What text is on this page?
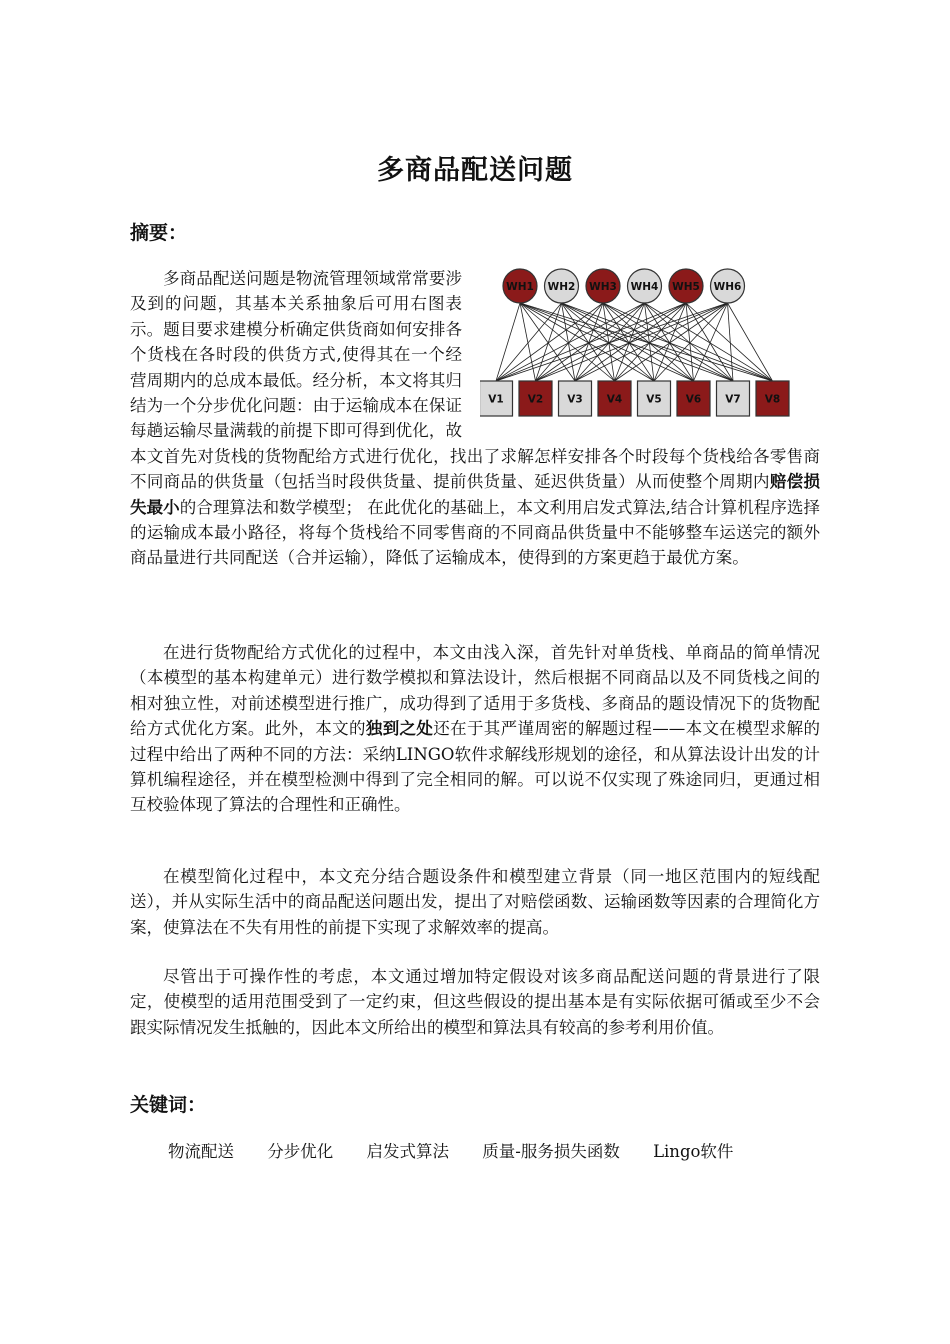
多商品配送问题
摘要：

WH1 WH2 WH3 WH4 WH5 WH6
V1 V2 V3 V4 V5 V6 V7 V8
多商品配送问题是物流管理领域常常要涉及到的问题，其基本关系抽象后可用右图表示。题目要求建模分析确定供货商如何安排各个货栈在各时段的供货方式,使得其在一个经营周期内的总成本最低。经分析，本文将其归结为一个分步优化问题：由于运输成本在保证每趟运输尽量满载的前提下即可得到优化，故本文首先对货栈的货物配给方式进行优化，找出了求解怎样安排各个时段每个货栈给各零售商不同商品的供货量（包括当时段供货量、提前供货量、延迟供货量）从而使整个周期内赔偿损失最小的合理算法和数学模型； 在此优化的基础上，本文利用启发式算法,结合计算机程序选择的运输成本最小路径，将每个货栈给不同零售商的不同商品供货量中不能够整车运送完的额外商品量进行共同配送（合并运输），降低了运输成本，使得到的方案更趋于最优方案。

在进行货物配给方式优化的过程中，本文由浅入深，首先针对单货栈、单商品的简单情况（本模型的基本构建单元）进行数学模拟和算法设计，然后根据不同商品以及不同货栈之间的相对独立性，对前述模型进行推广，成功得到了适用于多货栈、多商品的题设情况下的货物配给方式优化方案。此外，本文的独到之处还在于其严谨周密的解题过程——本文在模型求解的过程中给出了两种不同的方法：采纳LINGO软件求解线形规划的途径，和从算法设计出发的计算机编程途径，并在模型检测中得到了完全相同的解。可以说不仅实现了殊途同归，更通过相互校验体现了算法的合理性和正确性。

在模型简化过程中，本文充分结合题设条件和模型建立背景（同一地区范围内的短线配送），并从实际生活中的商品配送问题出发，提出了对赔偿函数、运输函数等因素的合理简化方案，使算法在不失有用性的前提下实现了求解效率的提高。

尽管出于可操作性的考虑，本文通过增加特定假设对该多商品配送问题的背景进行了限定，使模型的适用范围受到了一定约束，但这些假设的提出基本是有实际依据可循或至少不会跟实际情况发生抵触的，因此本文所给出的模型和算法具有较高的参考利用价值。

关键词：
物流配送 分步优化 启发式算法 质量-服务损失函数 Lingo软件
